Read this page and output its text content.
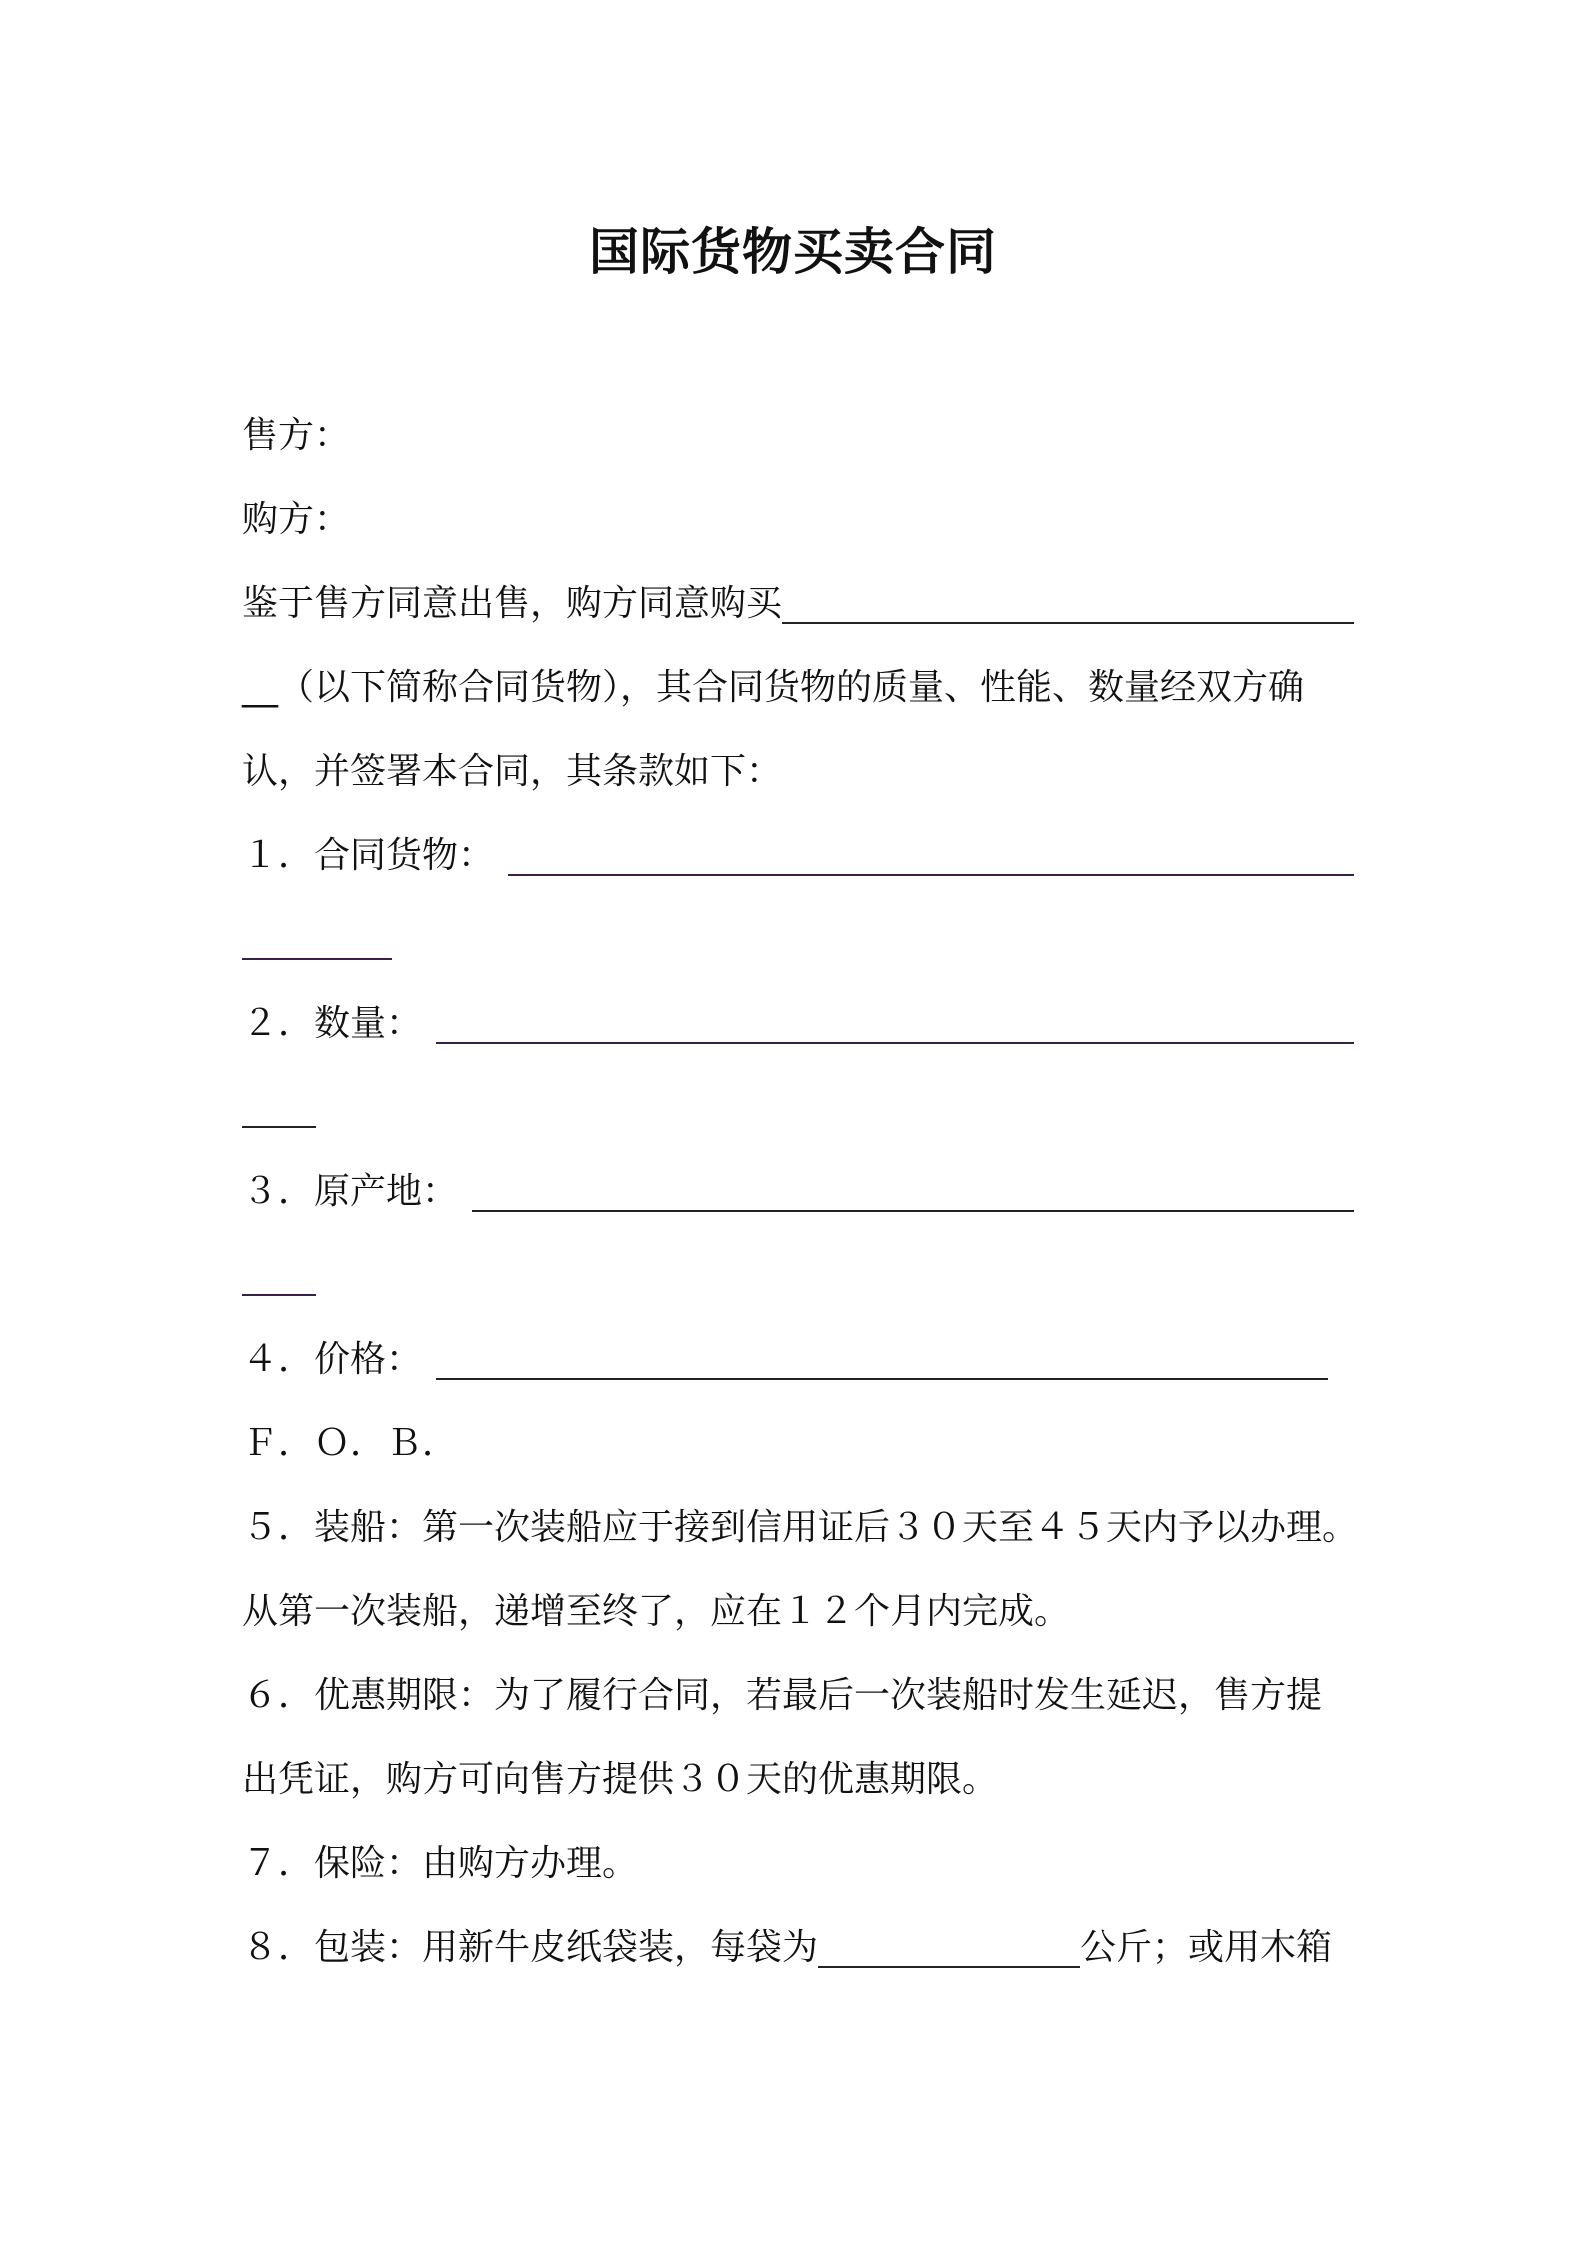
国际货物买卖合同
售方：
购方：
鉴于售方同意出售，购方同意购买
__ （以下简称合同货物），其合同货物的质量、性能、数量经双方确
认，并签署本合同，其条款如下：
１．合同货物：
２．数量：
３．原产地：
４．价格：
Ｆ．Ｏ．Ｂ．
５．装船：第一次装船应于接到信用证后３０天至４５天内予以办理。
从第一次装船，递增至终了，应在１２个月内完成。
６．优惠期限：为了履行合同，若最后一次装船时发生延迟，售方提
出凭证，购方可向售方提供３０天的优惠期限。
７．保险：由购方办理。
８．包装：用新牛皮纸袋装，每袋为	公斤；或用木箱
